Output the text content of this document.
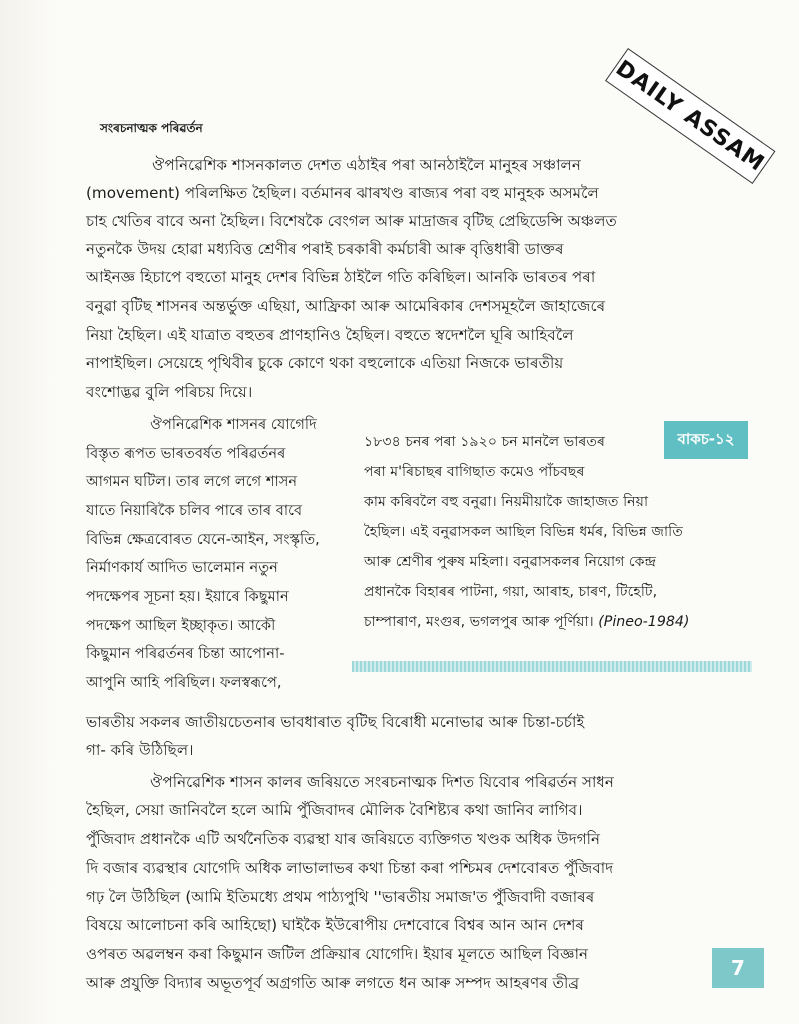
DAILY ASSAM
সংৰচনাত্মক পৰিৱৰ্তন
ঔপনিৱেশিক শাসনকালত দেশত এঠাইৰ পৰা আনঠাইলৈ মানুহৰ সঞ্চালন
(movement) পৰিলক্ষিত হৈছিল। বৰ্তমানৰ ঝাৰখণ্ড ৰাজ্যৰ পৰা বহু মানুহক অসমলৈ
চাহ খেতিৰ বাবে অনা হৈছিল। বিশেষকৈ বেংগল আৰু মাদ্ৰাজৰ বৃটিছ প্ৰেছিডেন্সি অঞ্চলত
নতুনকৈ উদয় হোৱা মধ্যবিত্ত শ্ৰেণীৰ পৰাই চৰকাৰী কৰ্মচাৰী আৰু বৃত্তিধাৰী ডাক্তৰ
আইনজ্ঞ হিচাপে বহুতো মানুহ দেশৰ বিভিন্ন ঠাইলৈ গতি কৰিছিল। আনকি ভাৰতৰ পৰা
বনুৱা বৃটিছ শাসনৰ অন্তৰ্ভুক্ত এছিয়া, আফ্ৰিকা আৰু আমেৰিকাৰ দেশসমূহলৈ জাহাজেৰে
নিয়া হৈছিল। এই যাত্ৰাত বহুতৰ প্ৰাণহানিও হৈছিল। বহুতে স্বদেশলৈ ঘূৰি আহিবলৈ
নাপাইছিল। সেয়েহে পৃথিবীৰ চুকে কোণে থকা বহুলোকে এতিয়া নিজকে ভাৰতীয়
বংশোদ্ভৱ বুলি পৰিচয় দিয়ে।
ঔপনিৱেশিক শাসনৰ যোগেদি
বিস্তৃত ৰূপত ভাৰতবৰ্ষত পৰিৱৰ্তনৰ
আগমন ঘটিল। তাৰ লগে লগে শাসন
যাতে নিয়াৰিকৈ চলিব পাৰে তাৰ বাবে
বিভিন্ন ক্ষেত্ৰবোৰত যেনে-আইন, সংস্কৃতি,
নিৰ্মাণকাৰ্য আদিত ভালেমান নতুন
পদক্ষেপৰ সূচনা হয়। ইয়াৰে কিছুমান
পদক্ষেপ আছিল ইচ্ছাকৃত। আকৌ
কিছুমান পৰিৱৰ্তনৰ চিন্তা আপোনা-
আপুনি আহি পৰিছিল। ফলস্বৰূপে,
বাকচ-১২
১৮৩৪ চনৰ পৰা ১৯২০ চন মানলৈ ভাৰতৰ
পৰা ম'ৰিচাছৰ বাগিছাত কমেও পাঁচবছৰ
কাম কৰিবলৈ বহু বনুৱা। নিয়মীয়াকৈ জাহাজত নিয়া
হৈছিল। এই বনুৱাসকল আছিল বিভিন্ন ধৰ্মৰ, বিভিন্ন জাতি
আৰু শ্ৰেণীৰ পুৰুষ মহিলা। বনুৱাসকলৰ নিয়োগ কেন্দ্ৰ
প্ৰধানকৈ বিহাৰৰ পাটনা, গয়া, আৰাহ, চাৰণ, টিহেটি,
চাম্পাৰাণ, মংগুৰ, ভগলপুৰ আৰু পূৰ্ণিয়া। (Pineo-1984)
ভাৰতীয় সকলৰ জাতীয়চেতনাৰ ভাবধাৰাত বৃটিছ বিৰোধী মনোভাৱ আৰু চিন্তা-চৰ্চাই
গা- কৰি উঠিছিল।
ঔপনিৱেশিক শাসন কালৰ জৰিয়তে সংৰচনাত্মক দিশত যিবোৰ পৰিৱৰ্তন সাধন
হৈছিল, সেয়া জানিবলৈ হলে আমি পুঁজিবাদৰ মৌলিক বৈশিষ্ট্যৰ কথা জানিব লাগিব।
পুঁজিবাদ প্ৰধানকৈ এটি অৰ্থনৈতিক ব্যৱস্থা যাৰ জৰিয়তে ব্যক্তিগত খণ্ডক অধিক উদগনি
দি বজাৰ ব্যৱস্থাৰ যোগেদি অধিক লাভালাভৰ কথা চিন্তা কৰা পশ্চিমৰ দেশবোৰত পুঁজিবাদ
গঢ় লৈ উঠিছিল (আমি ইতিমধ্যে প্ৰথম পাঠ্যপুথি ''ভাৰতীয় সমাজ'ত পুঁজিবাদী বজাৰৰ
বিষয়ে আলোচনা কৰি আহিছো) ঘাইকৈ ইউৰোপীয় দেশবোৰে বিশ্বৰ আন আন দেশৰ
ওপৰত অৱলম্বন কৰা কিছুমান জটিল প্ৰক্ৰিয়াৰ যোগেদি। ইয়াৰ মূলতে আছিল বিজ্ঞান
আৰু প্ৰযুক্তি বিদ্যাৰ অভূতপূৰ্ব অগ্ৰগতি আৰু লগতে ধন আৰু সম্পদ আহৰণৰ তীব্ৰ
7
